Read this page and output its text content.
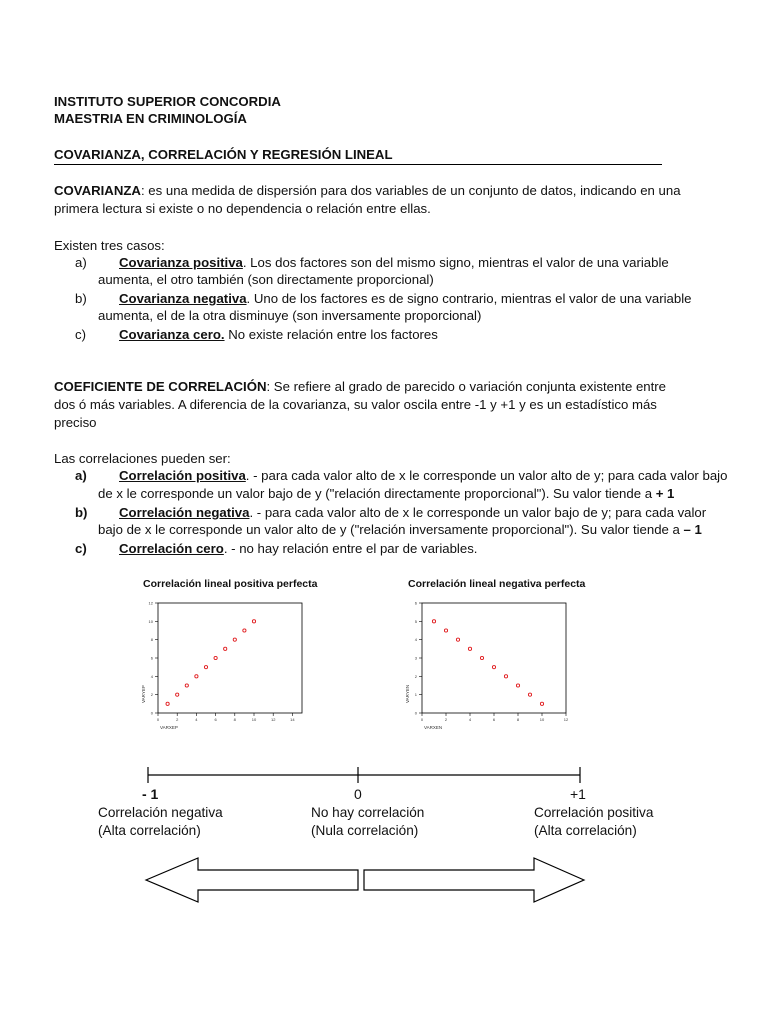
INSTITUTO SUPERIOR CONCORDIA
MAESTRIA EN CRIMINOLOGÍA
COVARIANZA, CORRELACIÓN Y REGRESIÓN LINEAL
COVARIANZA: es una medida de dispersión para dos variables de un conjunto de datos, indicando en una
primera lectura si existe o no dependencia o relación entre ellas.
Existen tres casos:
a) Covarianza positiva. Los dos factores son del mismo signo, mientras el valor de una variable
aumenta, el otro también (son directamente proporcional)
b) Covarianza negativa. Uno de los factores es de signo contrario, mientras el valor de una variable
aumenta, el de la otra disminuye (son inversamente proporcional)
c)	Covarianza cero. No existe relación entre los factores
COEFICIENTE DE CORRELACIÓN: Se refiere al grado de parecido o variación conjunta existente entre
dos ó más variables. A diferencia de la covarianza, su valor oscila entre -1 y +1 y es un estadístico más
preciso
Las correlaciones pueden ser:
a) Correlación positiva. - para cada valor alto de x le corresponde un valor alto de y; para cada valor bajo
de x le corresponde un valor bajo de y ("relación directamente proporcional"). Su valor tiende a + 1
b) Correlación negativa. - para cada valor alto de x le corresponde un valor bajo de y; para cada valor
bajo de x le corresponde un valor alto de y ("relación inversamente proporcional"). Su valor tiende a – 1
c) Correlación cero. - no hay relación entre el par de variables.
Correlación lineal positiva perfecta
0	2	4	6	8	10	12	14
0
2
4
6
8
10
12
VARXEP
VARYEP
Correlación lineal negativa perfecta
0	2	4	6	8	10	12
0
1
2
3
4
5
6
VARXEN
VARYEN
- 1	0	+1
Correlación negativa
(Alta correlación)
No hay correlación
(Nula correlación)
Correlación positiva
(Alta correlación)
